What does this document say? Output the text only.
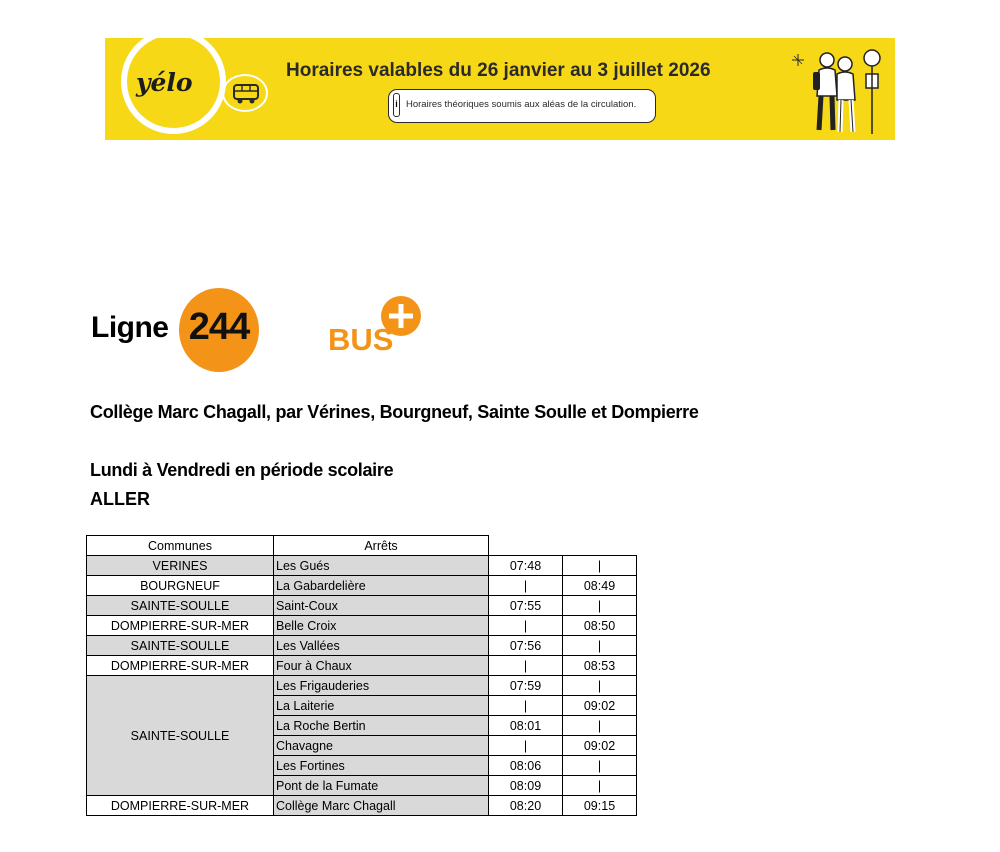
yélo	Horaires valables du 26 janvier au 3 juillet 2026
i Horaires théoriques soumis aux aléas de la circulation.
Ligne 244	BUS
Collège Marc Chagall, par Vérines, Bourgneuf, Sainte Soulle et Dompierre
Lundi à Vendredi en période scolaire
ALLER
Communes	Arrêts		
VERINES	Les Gués	07:48	|
BOURGNEUF	La Gabardelière	|	08:49
SAINTE-SOULLE	Saint-Coux	07:55	|
DOMPIERRE-SUR-MER	Belle Croix	|	08:50
SAINTE-SOULLE	Les Vallées	07:56	|
DOMPIERRE-SUR-MER	Four à Chaux	|	08:53
SAINTE-SOULLE	Les Frigauderies	07:59	|
	La Laiterie	|	09:02
	La Roche Bertin	08:01	|
	Chavagne	|	09:02
	Les Fortines	08:06	|
	Pont de la Fumate	08:09	|
DOMPIERRE-SUR-MER	Collège Marc Chagall	08:20	09:15
